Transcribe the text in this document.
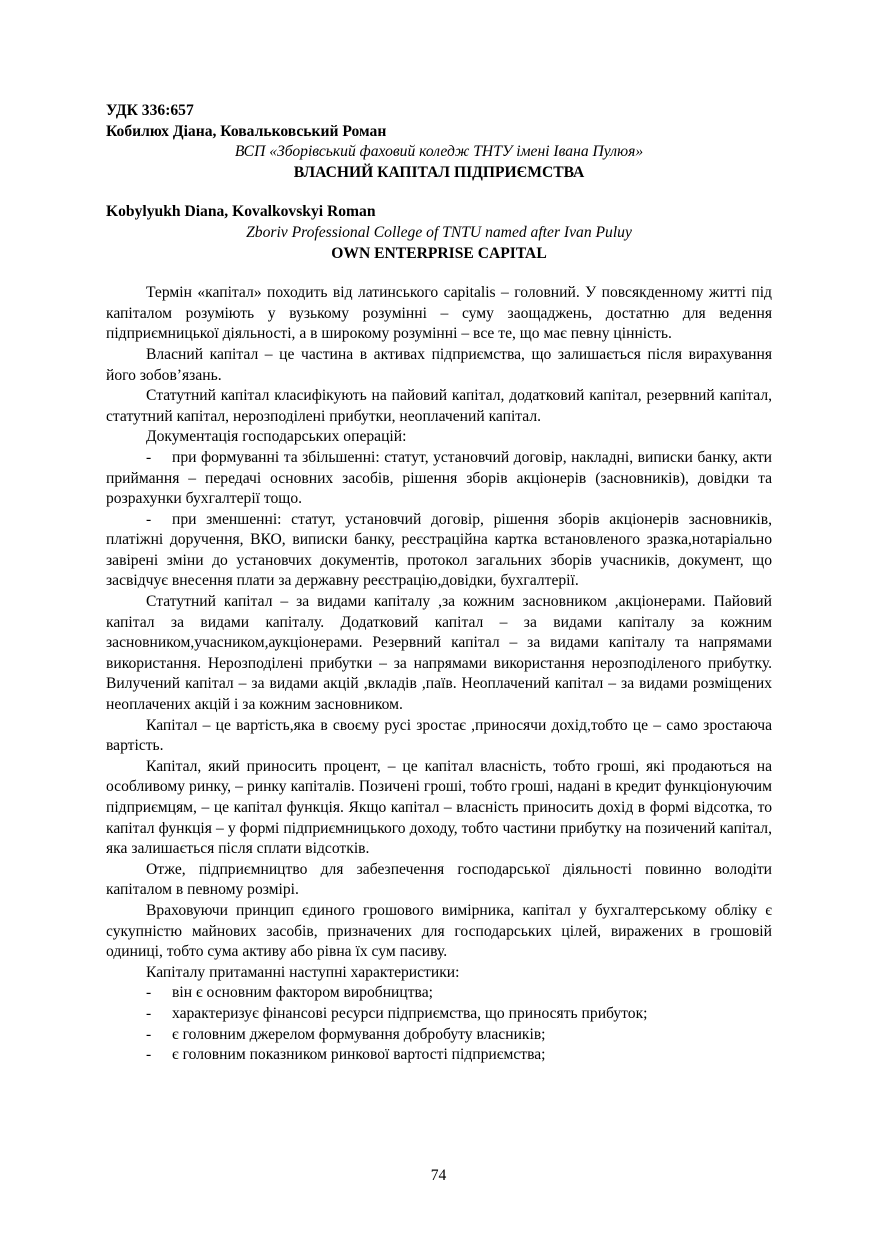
УДК 336:657

Кобилюх Діана, Ковальковський Роман

ВСП «Зборівський фаховий коледж ТНТУ імені Івана Пулюя»

ВЛАСНИЙ КАПІТАЛ ПІДПРИЄМСТВА

Kobylyukh Diana, Kovalkovskyi Roman

Zboriv Professional College of TNTU named after Ivan Puluy

OWN ENTERPRISE CAPITAL

Термін «капітал» походить від латинського capitalis – головний. У повсякденному житті під капіталом розуміють у вузькому розумінні – суму заощаджень, достатню для ведення підприємницької діяльності, а в широкому розумінні – все те, що має певну цінність.

Власний капітал – це частина в активах підприємства, що залишається після вирахування його зобов’язань.

Статутний капітал класифікують на пайовий капітал, додатковий капітал, резервний капітал, статутний капітал, нерозподілені прибутки, неоплачений капітал.

Документація господарських операцій:

- при формуванні та збільшенні: статут, установчий договір, накладні, виписки банку, акти приймання – передачі основних засобів, рішення зборів акціонерів (засновників), довідки та розрахунки бухгалтерії тощо.

- при зменшенні: статут, установчий договір, рішення зборів акціонерів засновників, платіжні доручення, ВКО, виписки банку, реєстраційна картка встановленого зразка,нотаріально завірені зміни до установчих документів, протокол загальних зборів учасників, документ, що засвідчує внесення плати за державну реєстрацію,довідки, бухгалтерії.

Статутний капітал – за видами капіталу ,за кожним засновником ,акціонерами. Пайовий капітал за видами капіталу. Додатковий капітал – за видами капіталу за кожним засновником,учасником,аукціонерами. Резервний капітал – за видами капіталу та напрямами використання. Нерозподілені прибутки – за напрямами використання нерозподіленого прибутку. Вилучений капітал – за видами акцій ,вкладів ,паїв. Неоплачений капітал – за видами розміщених неоплачених акцій і за кожним засновником.

Капітал – це вартість,яка в своєму русі зростає ,приносячи дохід,тобто це – само зростаюча вартість.

Капітал, який приносить процент, – це капітал власність, тобто гроші, які продаються на особливому ринку, – ринку капіталів. Позичені гроші, тобто гроші, надані в кредит функціонуючим підприємцям, – це капітал функція. Якщо капітал – власність приносить дохід в формі відсотка, то капітал функція – у формі підприємницького доходу, тобто частини прибутку на позичений капітал, яка залишається після сплати відсотків.

Отже, підприємництво для забезпечення господарської діяльності повинно володіти капіталом в певному розмірі.

Враховуючи принцип єдиного грошового вимірника, капітал у бухгалтерському обліку є сукупністю майнових засобів, призначених для господарських цілей, виражених в грошовій одиниці, тобто сума активу або рівна їх сум пасиву.

Капіталу притаманні наступні характеристики:

-	він є основним фактором виробництва;
-	характеризує фінансові ресурси підприємства, що приносять прибуток;
-	є головним джерелом формування добробуту власників;
-	є головним показником ринкової вартості підприємства;
74
